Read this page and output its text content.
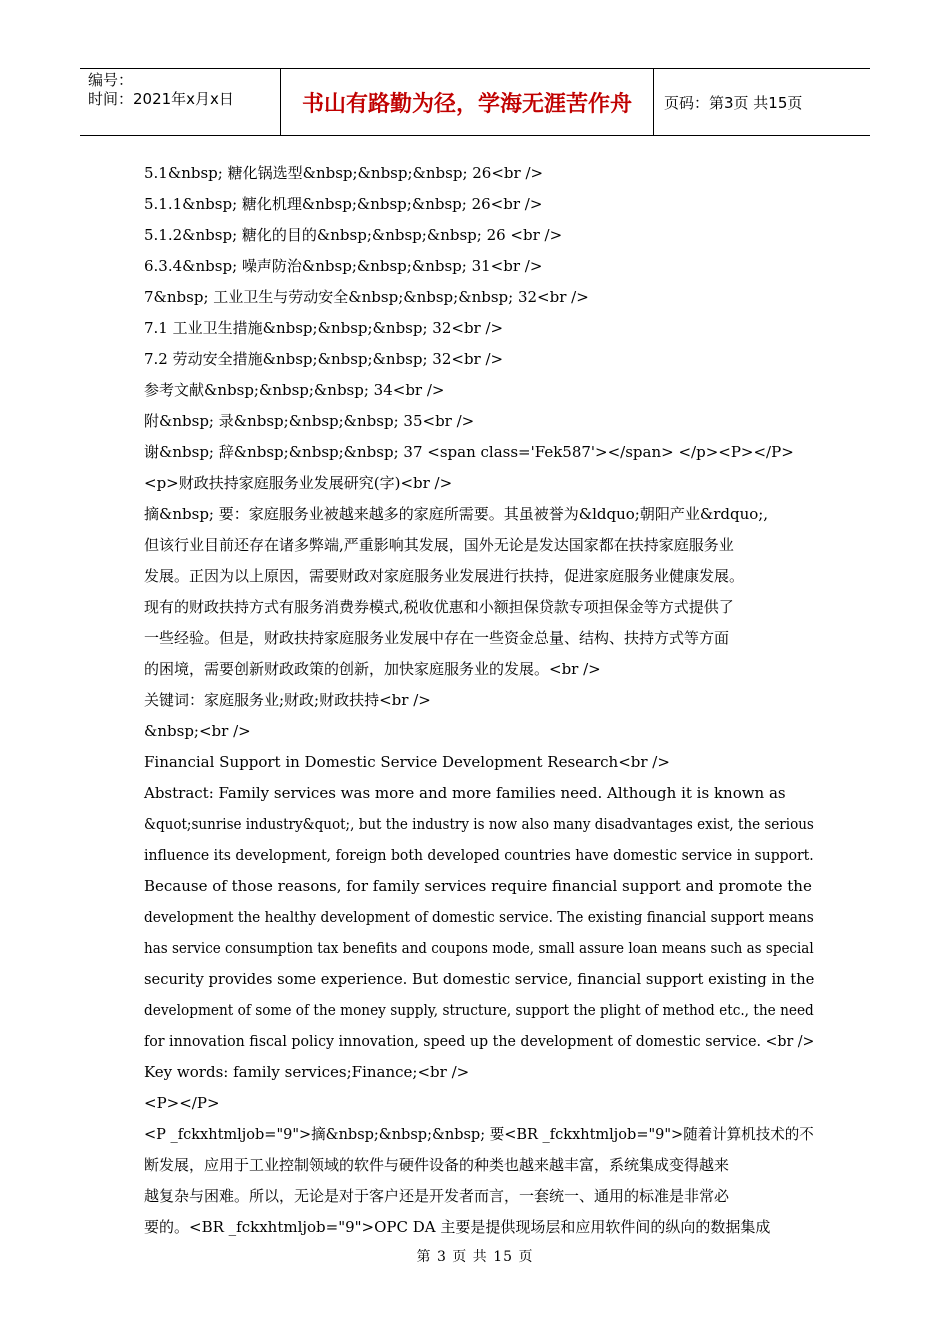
编号：
时间：2021年x月x日	书山有路勤为径，学海无涯苦作舟	页码：第3页 共15页
5.1&nbsp; 糖化锅选型&nbsp;&nbsp;&nbsp; 26<br />
5.1.1&nbsp; 糖化机理&nbsp;&nbsp;&nbsp; 26<br />
5.1.2&nbsp; 糖化的目的&nbsp;&nbsp;&nbsp; 26 <br />
6.3.4&nbsp; 噪声防治&nbsp;&nbsp;&nbsp; 31<br />
7&nbsp; 工业卫生与劳动安全&nbsp;&nbsp;&nbsp; 32<br />
7.1 工业卫生措施&nbsp;&nbsp;&nbsp; 32<br />
7.2 劳动安全措施&nbsp;&nbsp;&nbsp; 32<br />
参考文献&nbsp;&nbsp;&nbsp; 34<br />
附&nbsp; 录&nbsp;&nbsp;&nbsp; 35<br />
谢&nbsp; 辞&nbsp;&nbsp;&nbsp; 37 <span class='Fek587'></span> </p><P></P>
<p>财政扶持家庭服务业发展研究(字)<br />
摘&nbsp; 要：家庭服务业被越来越多的家庭所需要。其虽被誉为&ldquo;朝阳产业&rdquo;,
但该行业目前还存在诸多弊端,严重影响其发展，国外无论是发达国家都在扶持家庭服务业
发展。正因为以上原因，需要财政对家庭服务业发展进行扶持，促进家庭服务业健康发展。
现有的财政扶持方式有服务消费券模式,税收优惠和小额担保贷款专项担保金等方式提供了
一些经验。但是，财政扶持家庭服务业发展中存在一些资金总量、结构、扶持方式等方面
的困境，需要创新财政政策的创新，加快家庭服务业的发展。<br />
关键词：家庭服务业;财政;财政扶持<br />
&nbsp;<br />
Financial Support in Domestic Service Development Research<br />
Abstract: Family services was more and more families need. Although it is known as
&quot;sunrise industry&quot;, but the industry is now also many disadvantages exist, the serious
influence its development, foreign both developed countries have domestic service in support.
Because of those reasons, for family services require financial support and promote the
development the healthy development of domestic service. The existing financial support means
has service consumption tax benefits and coupons mode, small assure loan means such as special
security provides some experience. But domestic service, financial support existing in the
development of some of the money supply, structure, support the plight of method etc., the need
for innovation fiscal policy innovation, speed up the development of domestic service. <br />
Key words: family services;Finance;<br />
<P></P>
<P _fckxhtmljob="9">摘&nbsp;&nbsp;&nbsp; 要<BR _fckxhtmljob="9">随着计算机技术的不
断发展，应用于工业控制领域的软件与硬件设备的种类也越来越丰富，系统集成变得越来
越复杂与困难。所以，无论是对于客户还是开发者而言，一套统一、通用的标准是非常必
要的。<BR _fckxhtmljob="9">OPC DA 主要是提供现场层和应用软件间的纵向的数据集成
第 3 页 共 15 页
